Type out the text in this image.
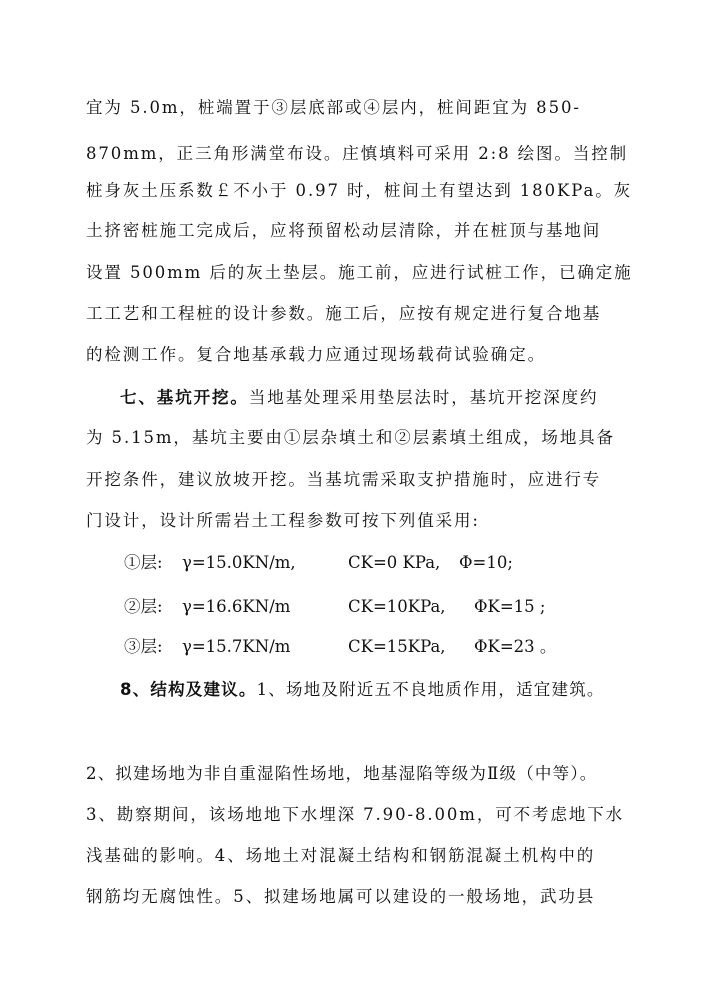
宜为 5.0m，桩端置于③层底部或④层内，桩间距宜为 850-
870mm，正三角形满堂布设。庄慎填料可采用 2:8 绘图。当控制
桩身灰土压系数￡不小于 0.97 时，桩间土有望达到 180KPa。灰
土挤密桩施工完成后，应将预留松动层清除，并在桩顶与基地间
设置 500mm 后的灰土垫层。施工前，应进行试桩工作，已确定施
工工艺和工程桩的设计参数。施工后，应按有规定进行复合地基
的检测工作。复合地基承载力应通过现场载荷试验确定。
七、基坑开挖。当地基处理采用垫层法时，基坑开挖深度约
为 5.15m，基坑主要由①层杂填土和②层素填土组成，场地具备
开挖条件，建议放坡开挖。当基坑需采取支护措施时，应进行专
门设计，设计所需岩土工程参数可按下列值采用:
①层: γ=15.0KN/m,	CK=0 KPa, Φ=10;
②层: γ=16.6KN/m	CK=10KPa, ΦK=15 ;
③层: γ=15.7KN/m	CK=15KPa, ΦK=23 。
8、结构及建议。1、场地及附近五不良地质作用，适宜建筑。
2、拟建场地为非自重湿陷性场地，地基湿陷等级为Ⅱ级（中等）。
3、勘察期间，该场地地下水埋深 7.90-8.00m，可不考虑地下水
浅基础的影响。4、场地土对混凝土结构和钢筋混凝土机构中的
钢筋均无腐蚀性。5、拟建场地属可以建设的一般场地，武功县
